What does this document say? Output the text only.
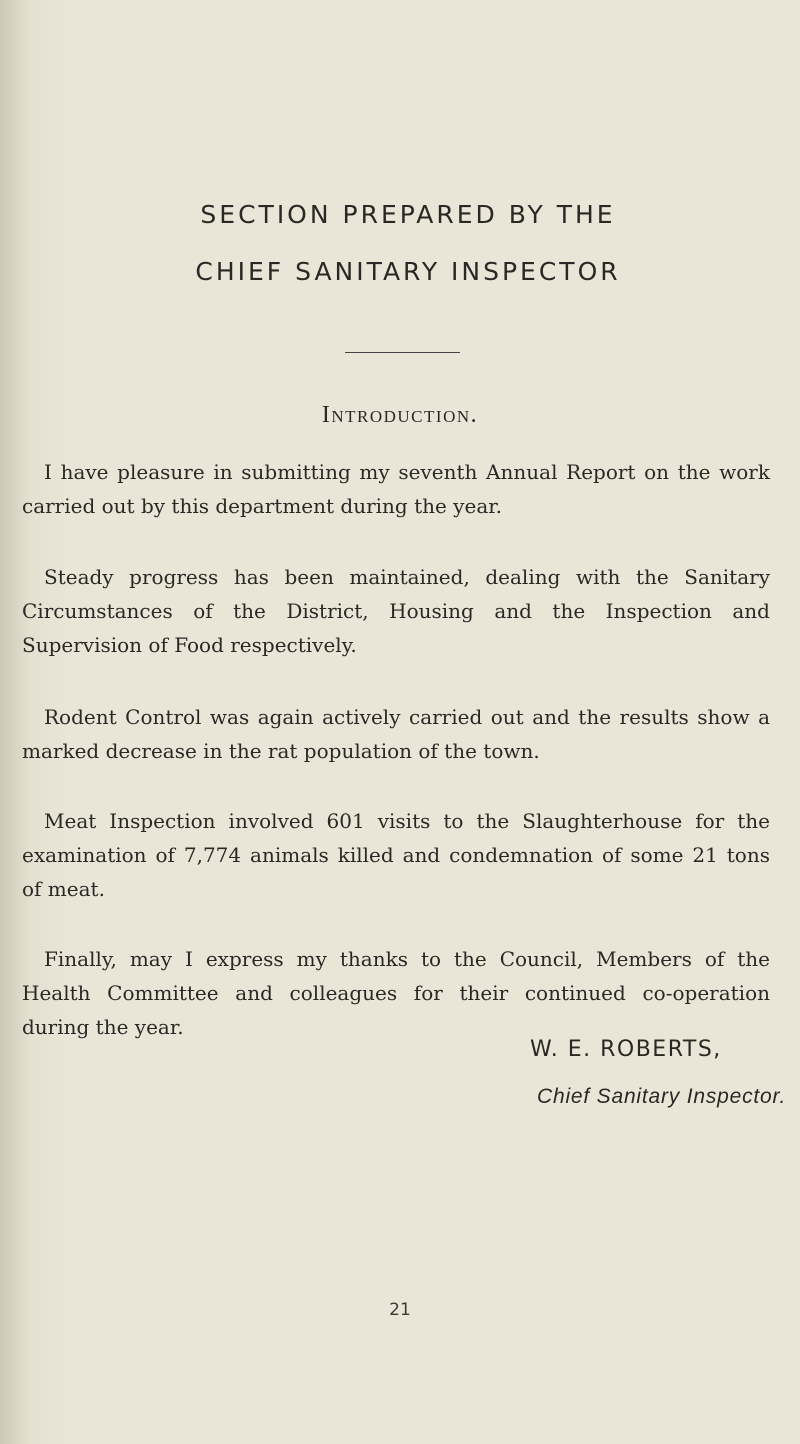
SECTION PREPARED BY THE
CHIEF SANITARY INSPECTOR
Introduction.

I have pleasure in submitting my seventh Annual Report on the work carried out by this department during the year.

Steady progress has been maintained, dealing with the Sanitary Circumstances of the District, Housing and the Inspection and Supervision of Food respectively.

Rodent Control was again actively carried out and the results show a marked decrease in the rat population of the town.

Meat Inspection involved 601 visits to the Slaughterhouse for the examination of 7,774 animals killed and condemnation of some 21 tons of meat.

Finally, may I express my thanks to the Council, Members of the Health Committee and colleagues for their continued co-operation during the year.

W. E. ROBERTS,
Chief Sanitary Inspector.
21
